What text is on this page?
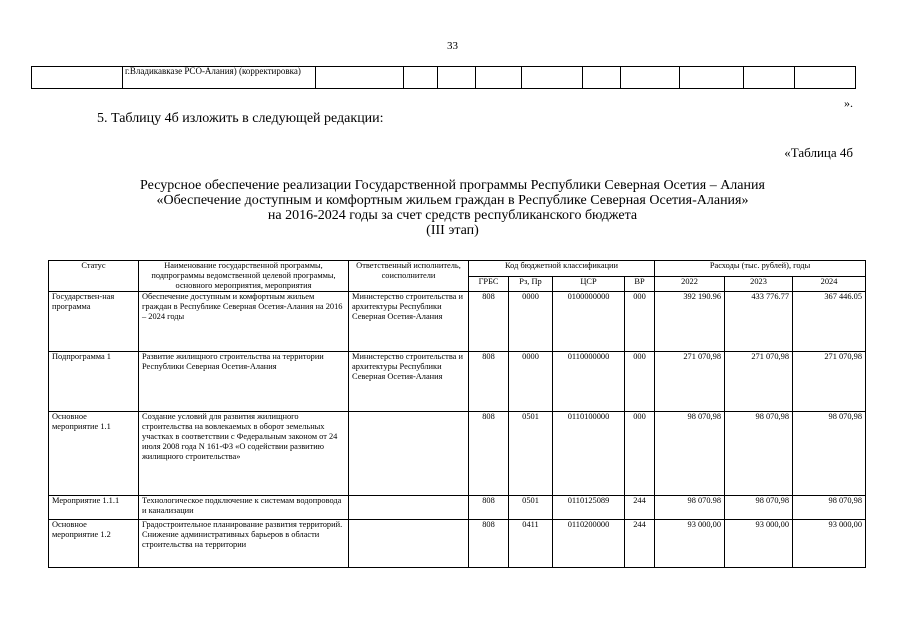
33
	г.Владикавказе РСО-Алания) (корректировка)										
».
5. Таблицу 4б изложить в следующей редакции:
«Таблица 4б
Ресурсное обеспечение реализации Государственной программы Республики Северная Осетия – Алания
«Обеспечение доступным и комфортным жильем граждан в Республике Северная Осетия-Алания»
на 2016-2024 годы за счет средств республиканского бюджета
(III этап)
Статус	Наименование государственной программы, подпрограммы ведомственной целевой программы, основного мероприятия, мероприятия	Ответственный исполнитель, соисполнители	Код бюджетной классификации				Расходы (тыс. рублей), годы		
			ГРБС	Рз, Пр	ЦСР	ВР	2022	2023	2024
Государствен-ная программа	Обеспечение доступным и комфортным жильем граждан в Республике Северная Осетия-Алания на 2016 – 2024 годы	Министерство строительства и архитектуры Республики Северная Осетия-Алания	808	0000	0100000000	000	392 190.96	433 776.77	367 446.05
Подпрограмма 1	Развитие жилищного строительства на территории Республики Северная Осетия-Алания	Министерство строительства и архитектуры Республики Северная Осетия-Алания	808	0000	0110000000	000	271 070,98	271 070,98	271 070,98
Основное мероприятие 1.1	Создание условий для развития жилищного строительства на вовлекаемых в оборот земельных участках в соответствии с Федеральным законом от 24 июля 2008 года N 161-ФЗ «О содействии развитию жилищного строительства»		808	0501	0110100000	000	98 070,98	98 070,98	98 070,98
Мероприятие 1.1.1	Технологическое подключение к системам водопровода и канализации		808	0501	0110125089	244	98 070.98	98 070,98	98 070,98
Основное мероприятие 1.2	Градостроительное планирование развития территорий. Снижение административных барьеров в области строительства на территории		808	0411	0110200000	244	93 000,00	93 000,00	93 000,00
